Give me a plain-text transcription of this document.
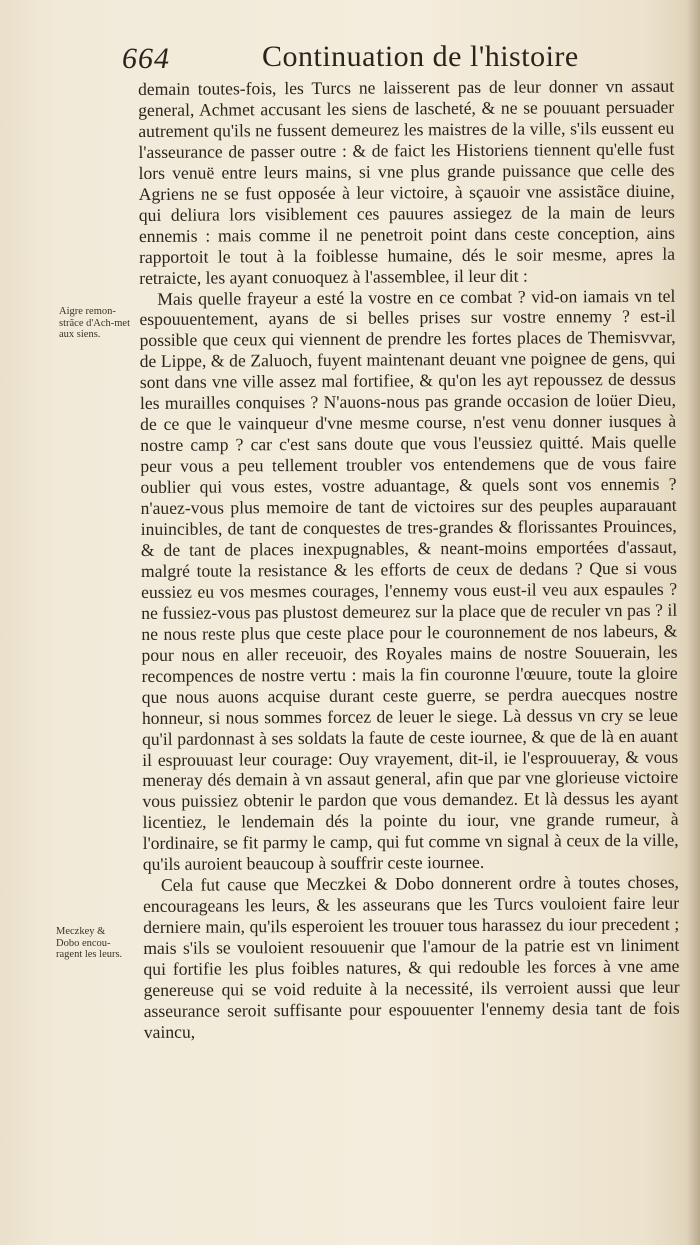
664	Continuation de l'histoire
Aigre remon-strãce d'Ach-met aux siens.
Meczkey & Dobo encou-ragent les leurs.

demain toutes-fois, les Turcs ne laisserent pas de leur donner vn assaut general, Achmet accusant les siens de lascheté, & ne se pouuant persuader autrement qu'ils ne fussent demeurez les maistres de la ville, s'ils eussent eu l'asseurance de passer outre : & de faict les Historiens tiennent qu'elle fust lors venuë entre leurs mains, si vne plus grande puissance que celle des Agriens ne se fust opposée à leur victoire, à sçauoir vne assistãce diuine, qui deliura lors visiblement ces pauures assiegez de la main de leurs ennemis : mais comme il ne penetroit point dans ceste conception, ains rapportoit le tout à la foiblesse humaine, dés le soir mesme, apres la retraicte, les ayant conuoquez à l'assemblee, il leur dit :

Mais quelle frayeur a esté la vostre en ce combat ? vid-on iamais vn tel espouuentement, ayans de si belles prises sur vostre ennemy ? est-il possible que ceux qui viennent de prendre les fortes places de Themisvvar, de Lippe, & de Zaluoch, fuyent maintenant deuant vne poignee de gens, qui sont dans vne ville assez mal fortifiee, & qu'on les ayt repoussez de dessus les murailles conquises ? N'auons-nous pas grande occasion de loüer Dieu, de ce que le vainqueur d'vne mesme course, n'est venu donner iusques à nostre camp ? car c'est sans doute que vous l'eussiez quitté. Mais quelle peur vous a peu tellement troubler vos entendemens que de vous faire oublier qui vous estes, vostre aduantage, & quels sont vos ennemis ? n'auez-vous plus memoire de tant de victoires sur des peuples auparauant inuincibles, de tant de conquestes de tres-grandes & florissantes Prouinces, & de tant de places inexpugnables, & neant-moins emportées d'assaut, malgré toute la resistance & les efforts de ceux de dedans ? Que si vous eussiez eu vos mesmes courages, l'ennemy vous eust-il veu aux espaules ? ne fussiez-vous pas plustost demeurez sur la place que de reculer vn pas ? il ne nous reste plus que ceste place pour le couronnement de nos labeurs, & pour nous en aller receuoir, des Royales mains de nostre Souuerain, les recompences de nostre vertu : mais la fin couronne l'œuure, toute la gloire que nous auons acquise durant ceste guerre, se perdra auecques nostre honneur, si nous sommes forcez de leuer le siege. Là dessus vn cry se leue qu'il pardonnast à ses soldats la faute de ceste iournee, & que de là en auant il esprouuast leur courage: Ouy vrayement, dit-il, ie l'esprouueray, & vous meneray dés demain à vn assaut general, afin que par vne glorieuse victoire vous puissiez obtenir le pardon que vous demandez. Et là dessus les ayant licentiez, le lendemain dés la pointe du iour, vne grande rumeur, à l'ordinaire, se fit parmy le camp, qui fut comme vn signal à ceux de la ville, qu'ils auroient beaucoup à souffrir ceste iournee.

Cela fut cause que Meczkei & Dobo donnerent ordre à toutes choses, encourageans les leurs, & les asseurans que les Turcs vouloient faire leur derniere main, qu'ils esperoient les trouuer tous harassez du iour precedent ; mais s'ils se vouloient resouuenir que l'amour de la patrie est vn liniment qui fortifie les plus foibles natures, & qui redouble les forces à vne ame genereuse qui se void reduite à la necessité, ils verroient aussi que leur asseurance seroit suffisante pour espouuenter l'ennemy desia tant de fois vaincu,
